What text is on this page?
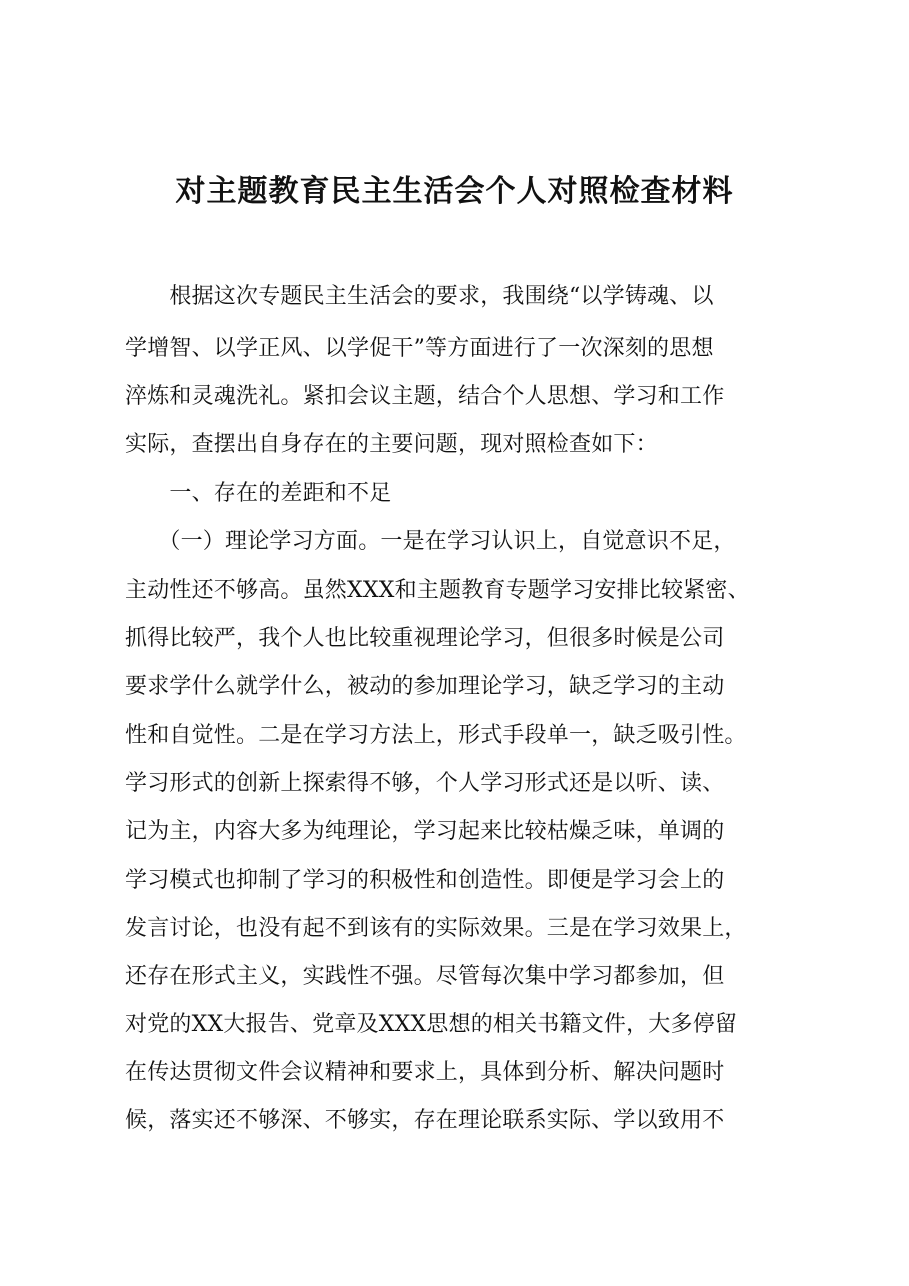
对主题教育民主生活会个人对照检查材料
　　根据这次专题民主生活会的要求，我围绕“以学铸魂、以
学增智、以学正风、以学促干”等方面进行了一次深刻的思想
淬炼和灵魂洗礼。紧扣会议主题，结合个人思想、学习和工作
实际，查摆出自身存在的主要问题，现对照检查如下：
　　一、存在的差距和不足
　　（一）理论学习方面。一是在学习认识上，自觉意识不足，
主动性还不够高。虽然XXX和主题教育专题学习安排比较紧密、
抓得比较严，我个人也比较重视理论学习，但很多时候是公司
要求学什么就学什么，被动的参加理论学习，缺乏学习的主动
性和自觉性。二是在学习方法上，形式手段单一，缺乏吸引性。
学习形式的创新上探索得不够，个人学习形式还是以听、读、
记为主，内容大多为纯理论，学习起来比较枯燥乏味，单调的
学习模式也抑制了学习的积极性和创造性。即便是学习会上的
发言讨论，也没有起不到该有的实际效果。三是在学习效果上，
还存在形式主义，实践性不强。尽管每次集中学习都参加，但
对党的XX大报告、党章及XXX思想的相关书籍文件，大多停留
在传达贯彻文件会议精神和要求上，具体到分析、解决问题时
候，落实还不够深、不够实，存在理论联系实际、学以致用不
